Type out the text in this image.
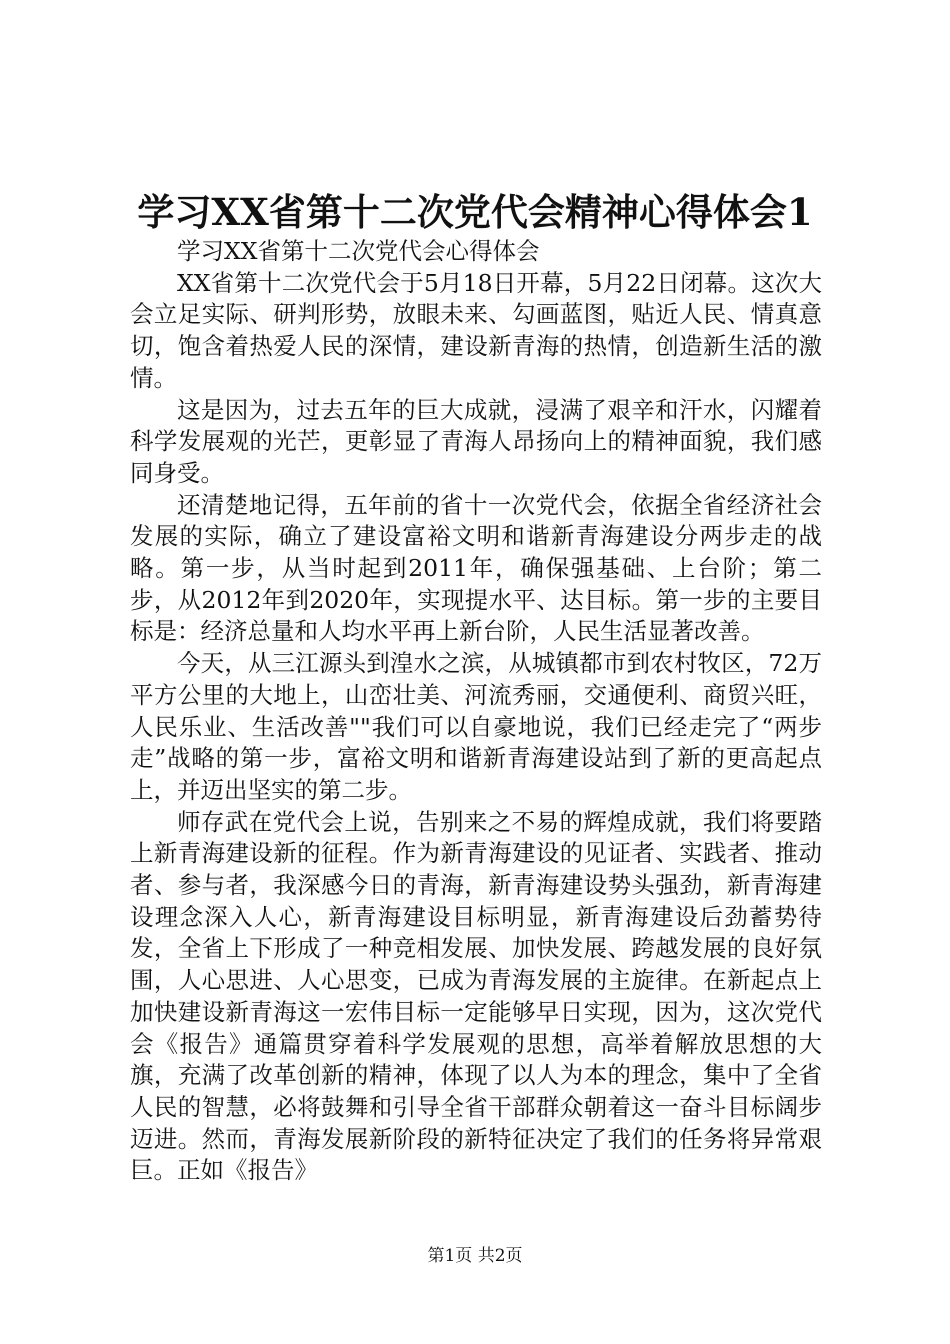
学习XX省第十二次党代会精神心得体会1

学习XX省第十二次党代会心得体会

XX省第十二次党代会于5月18日开幕，5月22日闭幕。这次大会立足实际、研判形势，放眼未来、勾画蓝图，贴近人民、情真意切，饱含着热爱人民的深情，建设新青海的热情，创造新生活的激情。

这是因为，过去五年的巨大成就，浸满了艰辛和汗水，闪耀着科学发展观的光芒，更彰显了青海人昂扬向上的精神面貌，我们感同身受。

还清楚地记得，五年前的省十一次党代会，依据全省经济社会发展的实际，确立了建设富裕文明和谐新青海建设分两步走的战略。第一步，从当时起到2011年，确保强基础、上台阶；第二步，从2012年到2020年，实现提水平、达目标。第一步的主要目标是：经济总量和人均水平再上新台阶，人民生活显著改善。

今天，从三江源头到湟水之滨，从城镇都市到农村牧区，72万平方公里的大地上，山峦壮美、河流秀丽，交通便利、商贸兴旺，人民乐业、生活改善""我们可以自豪地说，我们已经走完了“两步走”战略的第一步，富裕文明和谐新青海建设站到了新的更高起点上，并迈出坚实的第二步。

师存武在党代会上说，告别来之不易的辉煌成就，我们将要踏上新青海建设新的征程。作为新青海建设的见证者、实践者、推动者、参与者，我深感今日的青海，新青海建设势头强劲，新青海建设理念深入人心，新青海建设目标明显，新青海建设后劲蓄势待发，全省上下形成了一种竞相发展、加快发展、跨越发展的良好氛围，人心思进、人心思变，已成为青海发展的主旋律。在新起点上加快建设新青海这一宏伟目标一定能够早日实现，因为，这次党代会《报告》通篇贯穿着科学发展观的思想，高举着解放思想的大旗，充满了改革创新的精神，体现了以人为本的理念，集中了全省人民的智慧，必将鼓舞和引导全省干部群众朝着这一奋斗目标阔步迈进。然而，青海发展新阶段的新特征决定了我们的任务将异常艰巨。正如《报告》

第1页 共2页
